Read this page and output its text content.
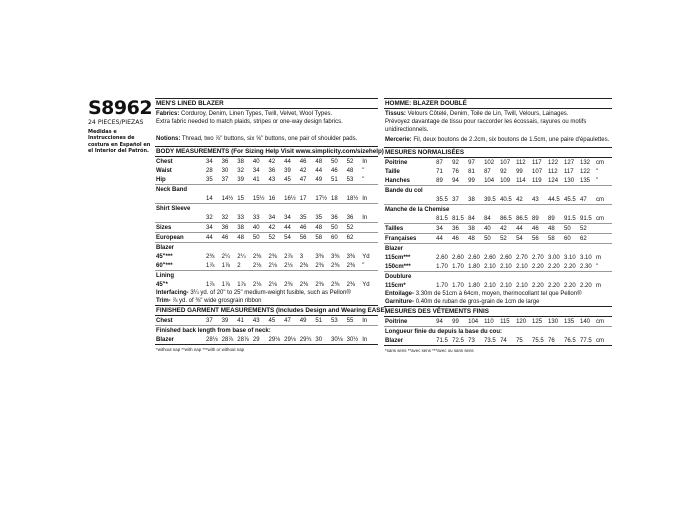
S8962
24 PIECES/PIEZAS
Medidas e Instrucciones de costura en Español en el Interior del Patrón.
MEN'S LINED BLAZER
Fabrics: Corduroy, Denim, Linen Types, Twill, Velvet, Wool Types.
Extra fabric needed to match plaids, stripes or one-way design fabrics.
Notions: Thread, two ⅞" buttons, six ⅝" buttons, one pair of shoulder pads.
BODY MEASUREMENTS (For Sizing Help Visit www.simplicity.com/sizehelp)
Chest	34	36	38	40	42	44	46	48	50	52	In
Waist	28	30	32	34	36	39	42	44	46	48	"
Hip	35	37	39	41	43	45	47	49	51	53	"
Neck Band											
	14	14½	15	15½	16	16½	17	17½	18	18½	In
Shirt Sleeve											
	32	32	33	33	34	34	35	35	36	36	In
Sizes	34	36	38	40	42	44	46	48	50	52	
European	44	46	48	50	52	54	56	58	60	62	
Blazer											
45"***	2⅜	2¼	2¼	2⅜	2⅜	2⅞	3	3⅜	3⅜	3⅜	Yd
60"***	1⅞	1⅞	2	2⅛	2⅛	2⅛	2⅜	2⅜	2⅜	2⅜	"
Lining											
45"*	1⅞	1⅞	1⅞	2⅛	2⅛	2⅜	2⅜	2⅜	2⅜	2⅜	Yd
Interfacing- 3¼ yd. of 20" to 25" medium-weight fusible, such as Pellon®
Trim- ⅞ yd. of ⅜" wide grosgrain ribbon
FINISHED GARMENT MEASUREMENTS (Includes Design and Wearing EASE)
Chest	37	39	41	43	45	47	49	51	53	55	In
Finished back length from base of neck:											
Blazer	28⅛	28⅞	28⅞	29	29⅛	29⅛	29¾	30	30⅛	30½	In
*without nap **with nap ***with or without nap
HOMME: BLAZER DOUBLÉ
Tissus: Velours Côtelé, Denim, Toile de Lin, Twill, Velours, Lainages.
Prévoyez davantage de tissu pour raccorder les écossais, rayures ou motifs unidirectionnels.
Mercerie: Fil, deux boutons de 2.2cm, six boutons de 1.5cm, une paire d'épaulettes.
MESURES NORMALISÉES
Poitrine	87	92	97	102	107	112	117	122	127	132	cm
Taille	71	76	81	87	92	99	107	112	117	122	"
Hanches	89	94	99	104	109	114	119	124	130	135	"
Bande du col											
	35.5	37	38	39.5	40.5	42	43	44.5	45.5	47	cm
Manche de la Chemise											
	81.5	81.5	84	84	86.5	86.5	89	89	91.5	91.5	cm
Tailles	34	36	38	40	42	44	46	48	50	52	
Françaises	44	46	48	50	52	54	56	58	60	62	
Blazer											
115cm***	2.60	2.60	2.60	2.60	2.60	2.70	2.70	3.00	3.10	3.10	m
150cm***	1.70	1.70	1.80	2.10	2.10	2.10	2.20	2.20	2.20	2.30	"
Doublure											
115cm*	1.70	1.70	1.80	2.10	2.10	2.10	2.20	2.20	2.20	2.20	m
Entoilage- 3.30m de 51cm à 64cm, moyen, thermocollant tel que Pellon®
Garniture- 0.40m de ruban de gros-grain de 1cm de large
MESURES DES VÊTEMENTS FINIS
Poitrine	94	99	104	110	115	120	125	130	135	140	cm
Longueur finie du depuis la base du cou:											
Blazer	71.5	72.5	73	73.5	74	75	75.5	76	76.5	77.5	cm
*sans sens **avec sens ***avec ou sans sens
